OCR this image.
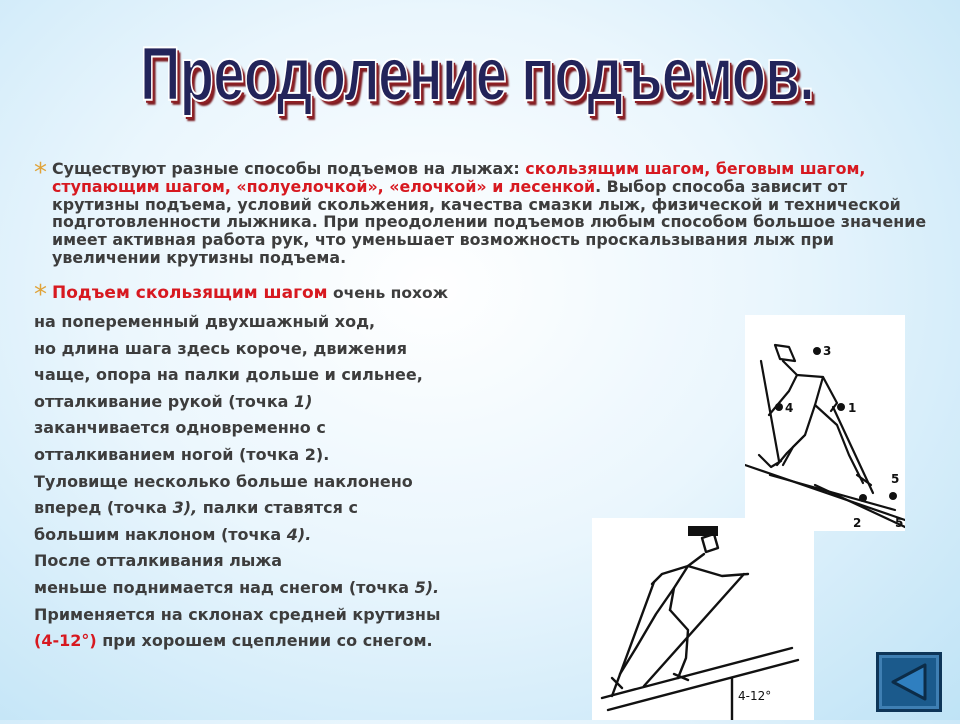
Преодоление подъемов.
* Существуют разные способы подъемов на лыжах: скользящим шагом, беговым шагом, ступающим шагом, «полуелочкой», «елочкой» и лесенкой. Выбор способа зависит от крутизны подъема, условий скольжения, качества смазки лыж, физической и технической подготовленности лыжника. При преодолении подъемов любым способом большое значение имеет активная работа рук, что уменьшает возможность проскальзывания лыж при увеличении крутизны подъема.
* Подъем скользящим шагом очень похож
на попеременный двухшажный ход,
но длина шага здесь короче, движения
чаще, опора на палки дольше и сильнее,
отталкивание рукой (точка 1)
заканчивается одновременно с
отталкиванием ногой (точка 2).
Туловище несколько больше наклонено
вперед (точка 3), палки ставятся с
большим наклоном (точка 4).
После отталкивания лыжа
меньше поднимается над снегом (точка 5).
Применяется на склонах средней крутизны
(4-12°) при хорошем сцеплении со снегом.
3
4	1
5
2	5
4-12°
